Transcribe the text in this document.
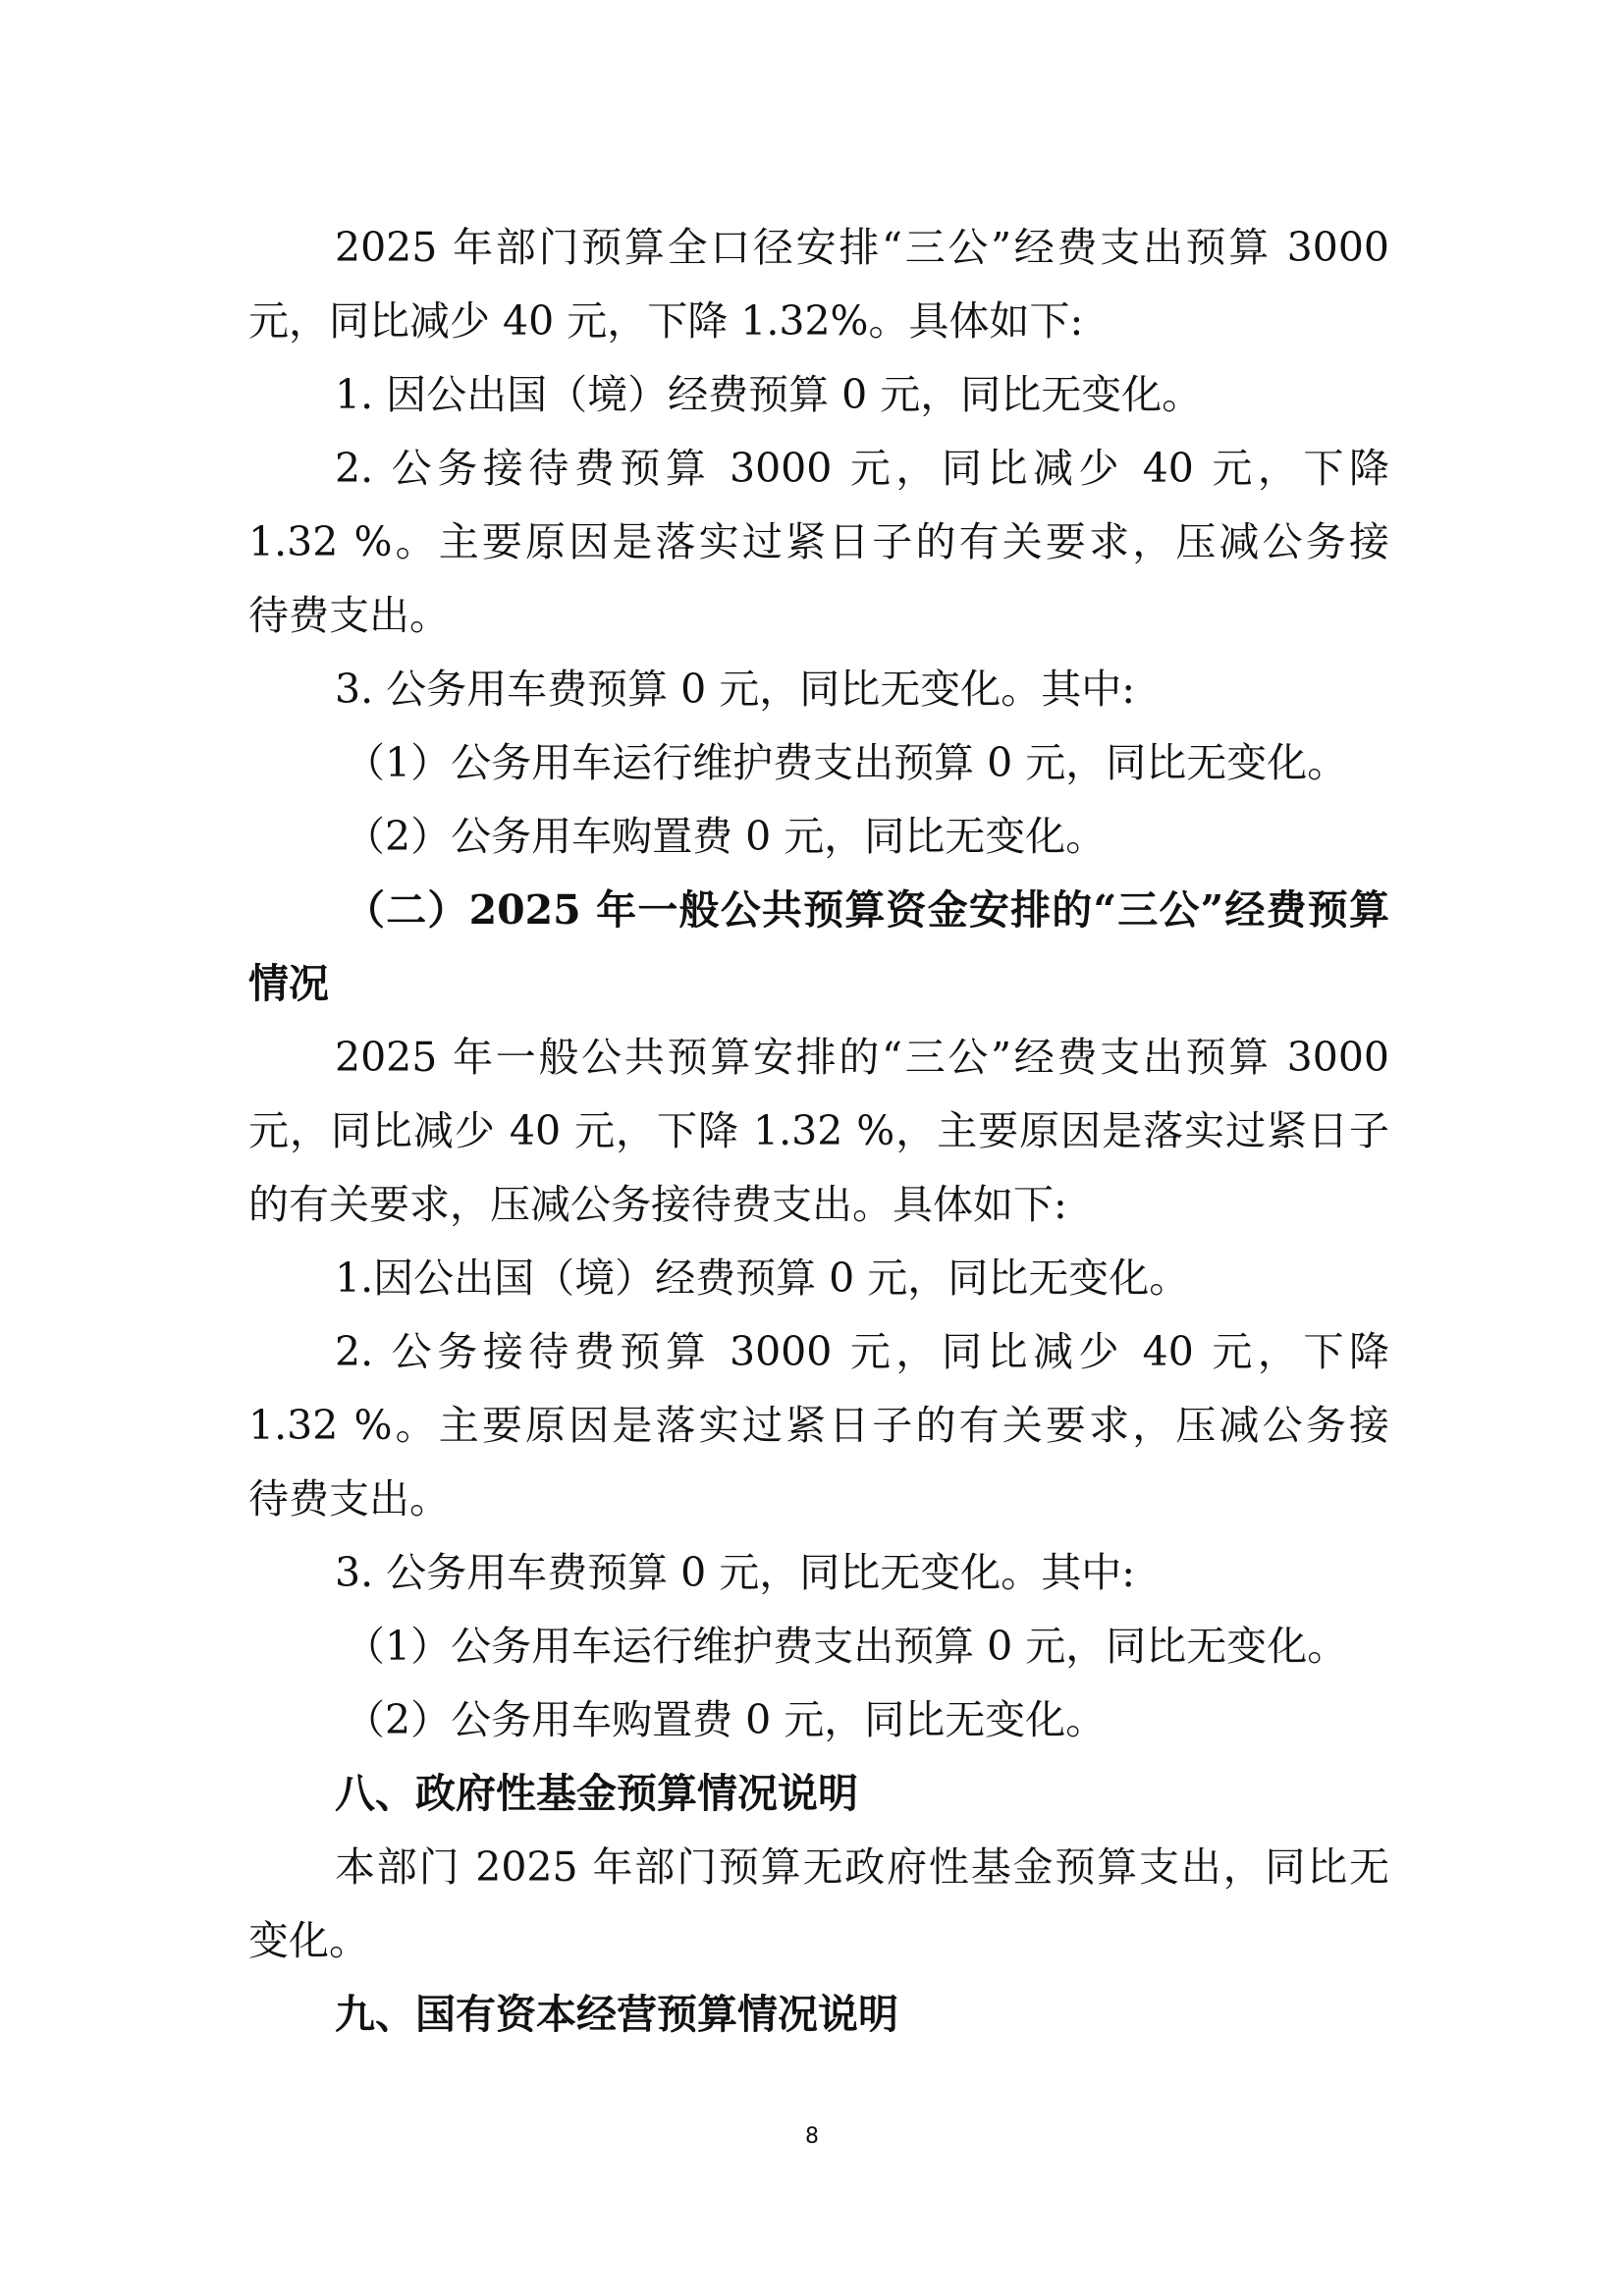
2025 年部门预算全口径安排“三公”经费支出预算 3000
元，同比减少 40 元，下降 1.32%。具体如下:
1. 因公出国（境）经费预算 0 元，同比无变化。
2. 公务接待费预算 3000 元，同比减少 40 元，下降
1.32 %。主要原因是落实过紧日子的有关要求，压减公务接
待费支出。
3. 公务用车费预算 0 元，同比无变化。其中:
（1）公务用车运行维护费支出预算 0 元，同比无变化。
（2）公务用车购置费 0 元，同比无变化。
（二）2025 年一般公共预算资金安排的“三公”经费预算
情况
2025 年一般公共预算安排的“三公”经费支出预算 3000
元，同比减少 40 元，下降 1.32 %，主要原因是落实过紧日子
的有关要求，压减公务接待费支出。具体如下:
1.因公出国（境）经费预算 0 元，同比无变化。
2. 公务接待费预算 3000 元，同比减少 40 元，下降
1.32 %。主要原因是落实过紧日子的有关要求，压减公务接
待费支出。
3. 公务用车费预算 0 元，同比无变化。其中:
（1）公务用车运行维护费支出预算 0 元，同比无变化。
（2）公务用车购置费 0 元，同比无变化。
八、政府性基金预算情况说明
本部门 2025 年部门预算无政府性基金预算支出，同比无
变化。
九、国有资本经营预算情况说明
8
